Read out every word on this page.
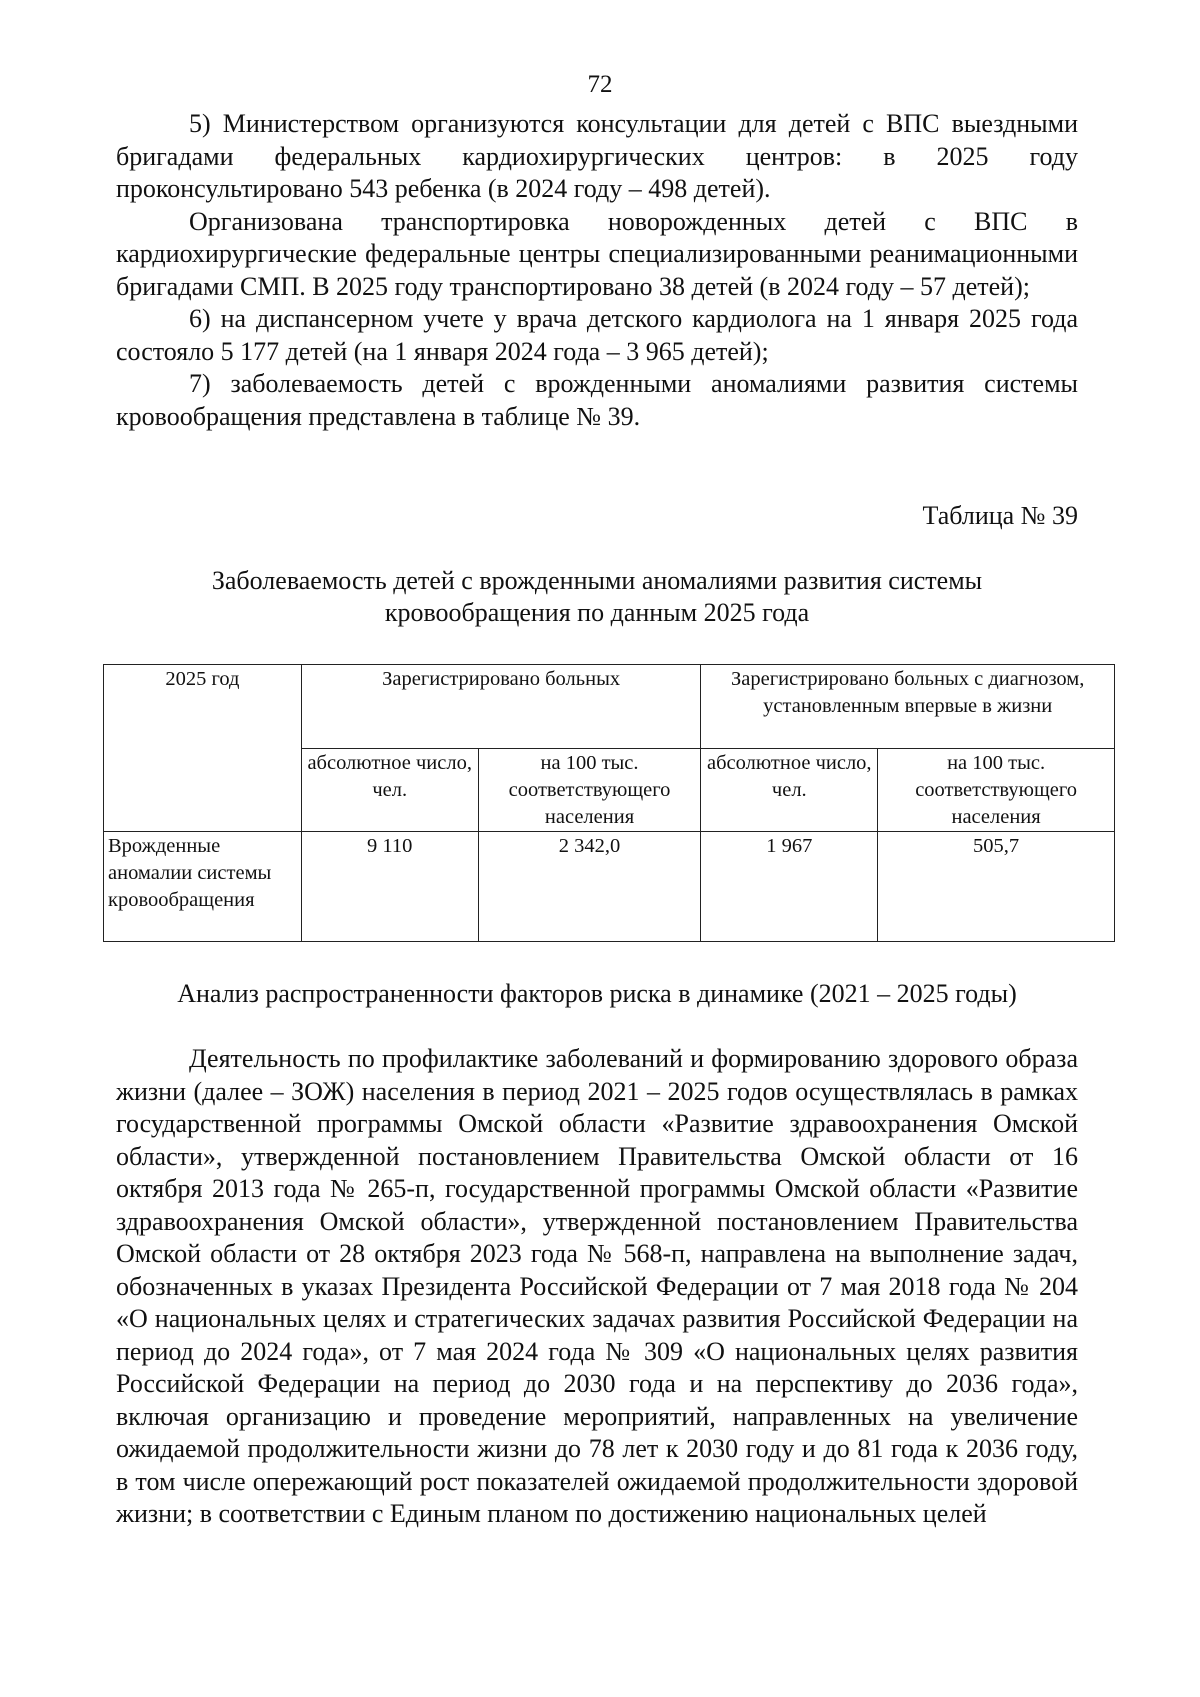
72

5) Министерством организуются консультации для детей с ВПС выездными бригадами федеральных кардиохирургических центров: в 2025 году проконсультировано 543 ребенка (в 2024 году – 498 детей).

Организована транспортировка новорожденных детей с ВПС в кардиохирургические федеральные центры специализированными реанимационными бригадами СМП. В 2025 году транспортировано 38 детей (в 2024 году – 57 детей);

6) на диспансерном учете у врача детского кардиолога на 1 января 2025 года состояло 5 177 детей (на 1 января 2024 года – 3 965 детей);

7) заболеваемость детей с врожденными аномалиями развития системы кровообращения представлена в таблице № 39.

Таблица № 39
Заболеваемость детей с врожденными аномалиями развития системы
кровообращения по данным 2025 года
2025 год	Зарегистрировано больных		Зарегистрировано больных с диагнозом, установленным впервые в жизни	
	абсолютное число, чел.	на 100 тыс. соответствующего населения	абсолютное число, чел.	на 100 тыс. соответствующего населения
Врожденные аномалии системы кровообращения	9 110	2 342,0	1 967	505,7
Анализ распространенности факторов риска в динамике (2021 – 2025 годы)

Деятельность по профилактике заболеваний и формированию здорового образа жизни (далее – ЗОЖ) населения в период 2021 – 2025 годов осуществлялась в рамках государственной программы Омской области «Развитие здравоохранения Омской области», утвержденной постановлением Правительства Омской области от 16 октября 2013 года № 265-п, государственной программы Омской области «Развитие здравоохранения Омской области», утвержденной постановлением Правительства Омской области от 28 октября 2023 года № 568-п, направлена на выполнение задач, обозначенных в указах Президента Российской Федерации от 7 мая 2018 года № 204 «О национальных целях и стратегических задачах развития Российской Федерации на период до 2024 года», от 7 мая 2024 года № 309 «О национальных целях развития Российской Федерации на период до 2030 года и на перспективу до 2036 года», включая организацию и проведение мероприятий, направленных на увеличение ожидаемой продолжительности жизни до 78 лет к 2030 году и до 81 года к 2036 году, в том числе опережающий рост показателей ожидаемой продолжительности здоровой жизни; в соответствии с Единым планом по достижению национальных целей
